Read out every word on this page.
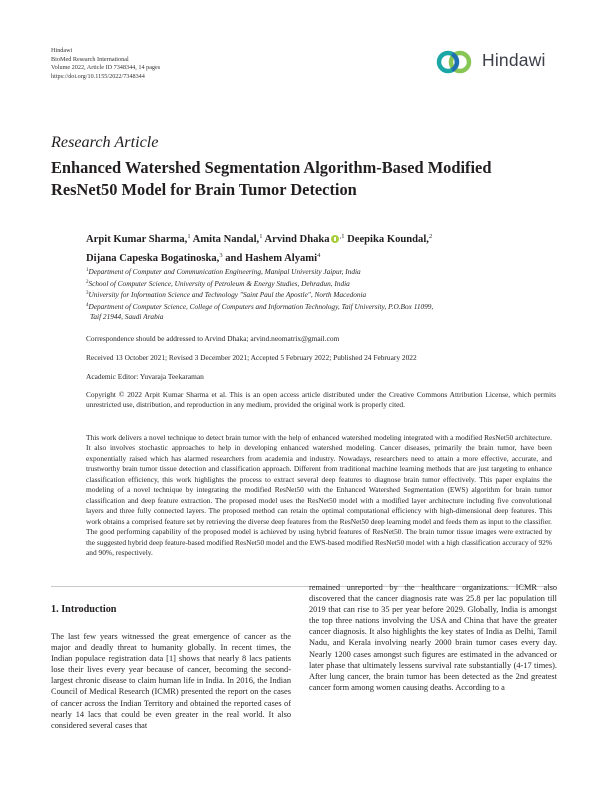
Hindawi
BioMed Research International
Volume 2022, Article ID 7348344, 14 pages
https://doi.org/10.1155/2022/7348344
Hindawi
Research Article
Enhanced Watershed Segmentation Algorithm-Based Modified ResNet50 Model for Brain Tumor Detection
Arpit Kumar Sharma,$^1$ Amita Nandal,$^1$ Arvind Dhaka $^{,1}$ Deepika Koundal,$^2$
Dijana Capeska Bogatinoska,$^3$ and Hashem Alyami$^4$
$^1$Department of Computer and Communication Engineering, Manipal University Jaipur, India
$^2$School of Computer Science, University of Petroleum & Energy Studies, Dehradun, India
$^3$University for Information Science and Technology "Saint Paul the Apostle", North Macedonia
$^4$Department of Computer Science, College of Computers and Information Technology, Taif University, P.O.Box 11099,
Taif 21944, Saudi Arabia
Correspondence should be addressed to Arvind Dhaka; arvind.neomatrix@gmail.com
Received 13 October 2021; Revised 3 December 2021; Accepted 5 February 2022; Published 24 February 2022
Academic Editor: Yuvaraja Teekaraman
Copyright © 2022 Arpit Kumar Sharma et al. This is an open access article distributed under the Creative Commons Attribution License, which permits unrestricted use, distribution, and reproduction in any medium, provided the original work is properly cited.
This work delivers a novel technique to detect brain tumor with the help of enhanced watershed modeling integrated with a modified ResNet50 architecture. It also involves stochastic approaches to help in developing enhanced watershed modeling. Cancer diseases, primarily the brain tumor, have been exponentially raised which has alarmed researchers from academia and industry. Nowadays, researchers need to attain a more effective, accurate, and trustworthy brain tumor tissue detection and classification approach. Different from traditional machine learning methods that are just targeting to enhance classification efficiency, this work highlights the process to extract several deep features to diagnose brain tumor effectively. This paper explains the modeling of a novel technique by integrating the modified ResNet50 with the Enhanced Watershed Segmentation (EWS) algorithm for brain tumor classification and deep feature extraction. The proposed model uses the ResNet50 model with a modified layer architecture including five convolutional layers and three fully connected layers. The proposed method can retain the optimal computational efficiency with high-dimensional deep features. This work obtains a comprised feature set by retrieving the diverse deep features from the ResNet50 deep learning model and feeds them as input to the classifier. The good performing capability of the proposed model is achieved by using hybrid features of ResNet50. The brain tumor tissue images were extracted by the suggested hybrid deep feature-based modified ResNet50 model and the EWS-based modified ResNet50 model with a high classification accuracy of 92% and 90%, respectively.
1. Introduction
The last few years witnessed the great emergence of cancer as the major and deadly threat to humanity globally. In recent times, the Indian populace registration data [1] shows that nearly 8 lacs patients lose their lives every year because of cancer, becoming the second-largest chronic disease to claim human life in India. In 2016, the Indian Council of Medical Research (ICMR) presented the report on the cases of cancer across the Indian Territory and obtained the reported cases of nearly 14 lacs that could be even greater in the real world. It also considered several cases that
remained unreported by the healthcare organizations. ICMR also discovered that the cancer diagnosis rate was 25.8 per lac population till 2019 that can rise to 35 per year before 2029. Globally, India is amongst the top three nations involving the USA and China that have the greater cancer diagnosis. It also highlights the key states of India as Delhi, Tamil Nadu, and Kerala involving nearly 2000 brain tumor cases every day. Nearly 1200 cases amongst such figures are estimated in the advanced or later phase that ultimately lessens survival rate substantially (4-17 times). After lung cancer, the brain tumor has been detected as the 2nd greatest cancer form among women causing deaths. According to a
